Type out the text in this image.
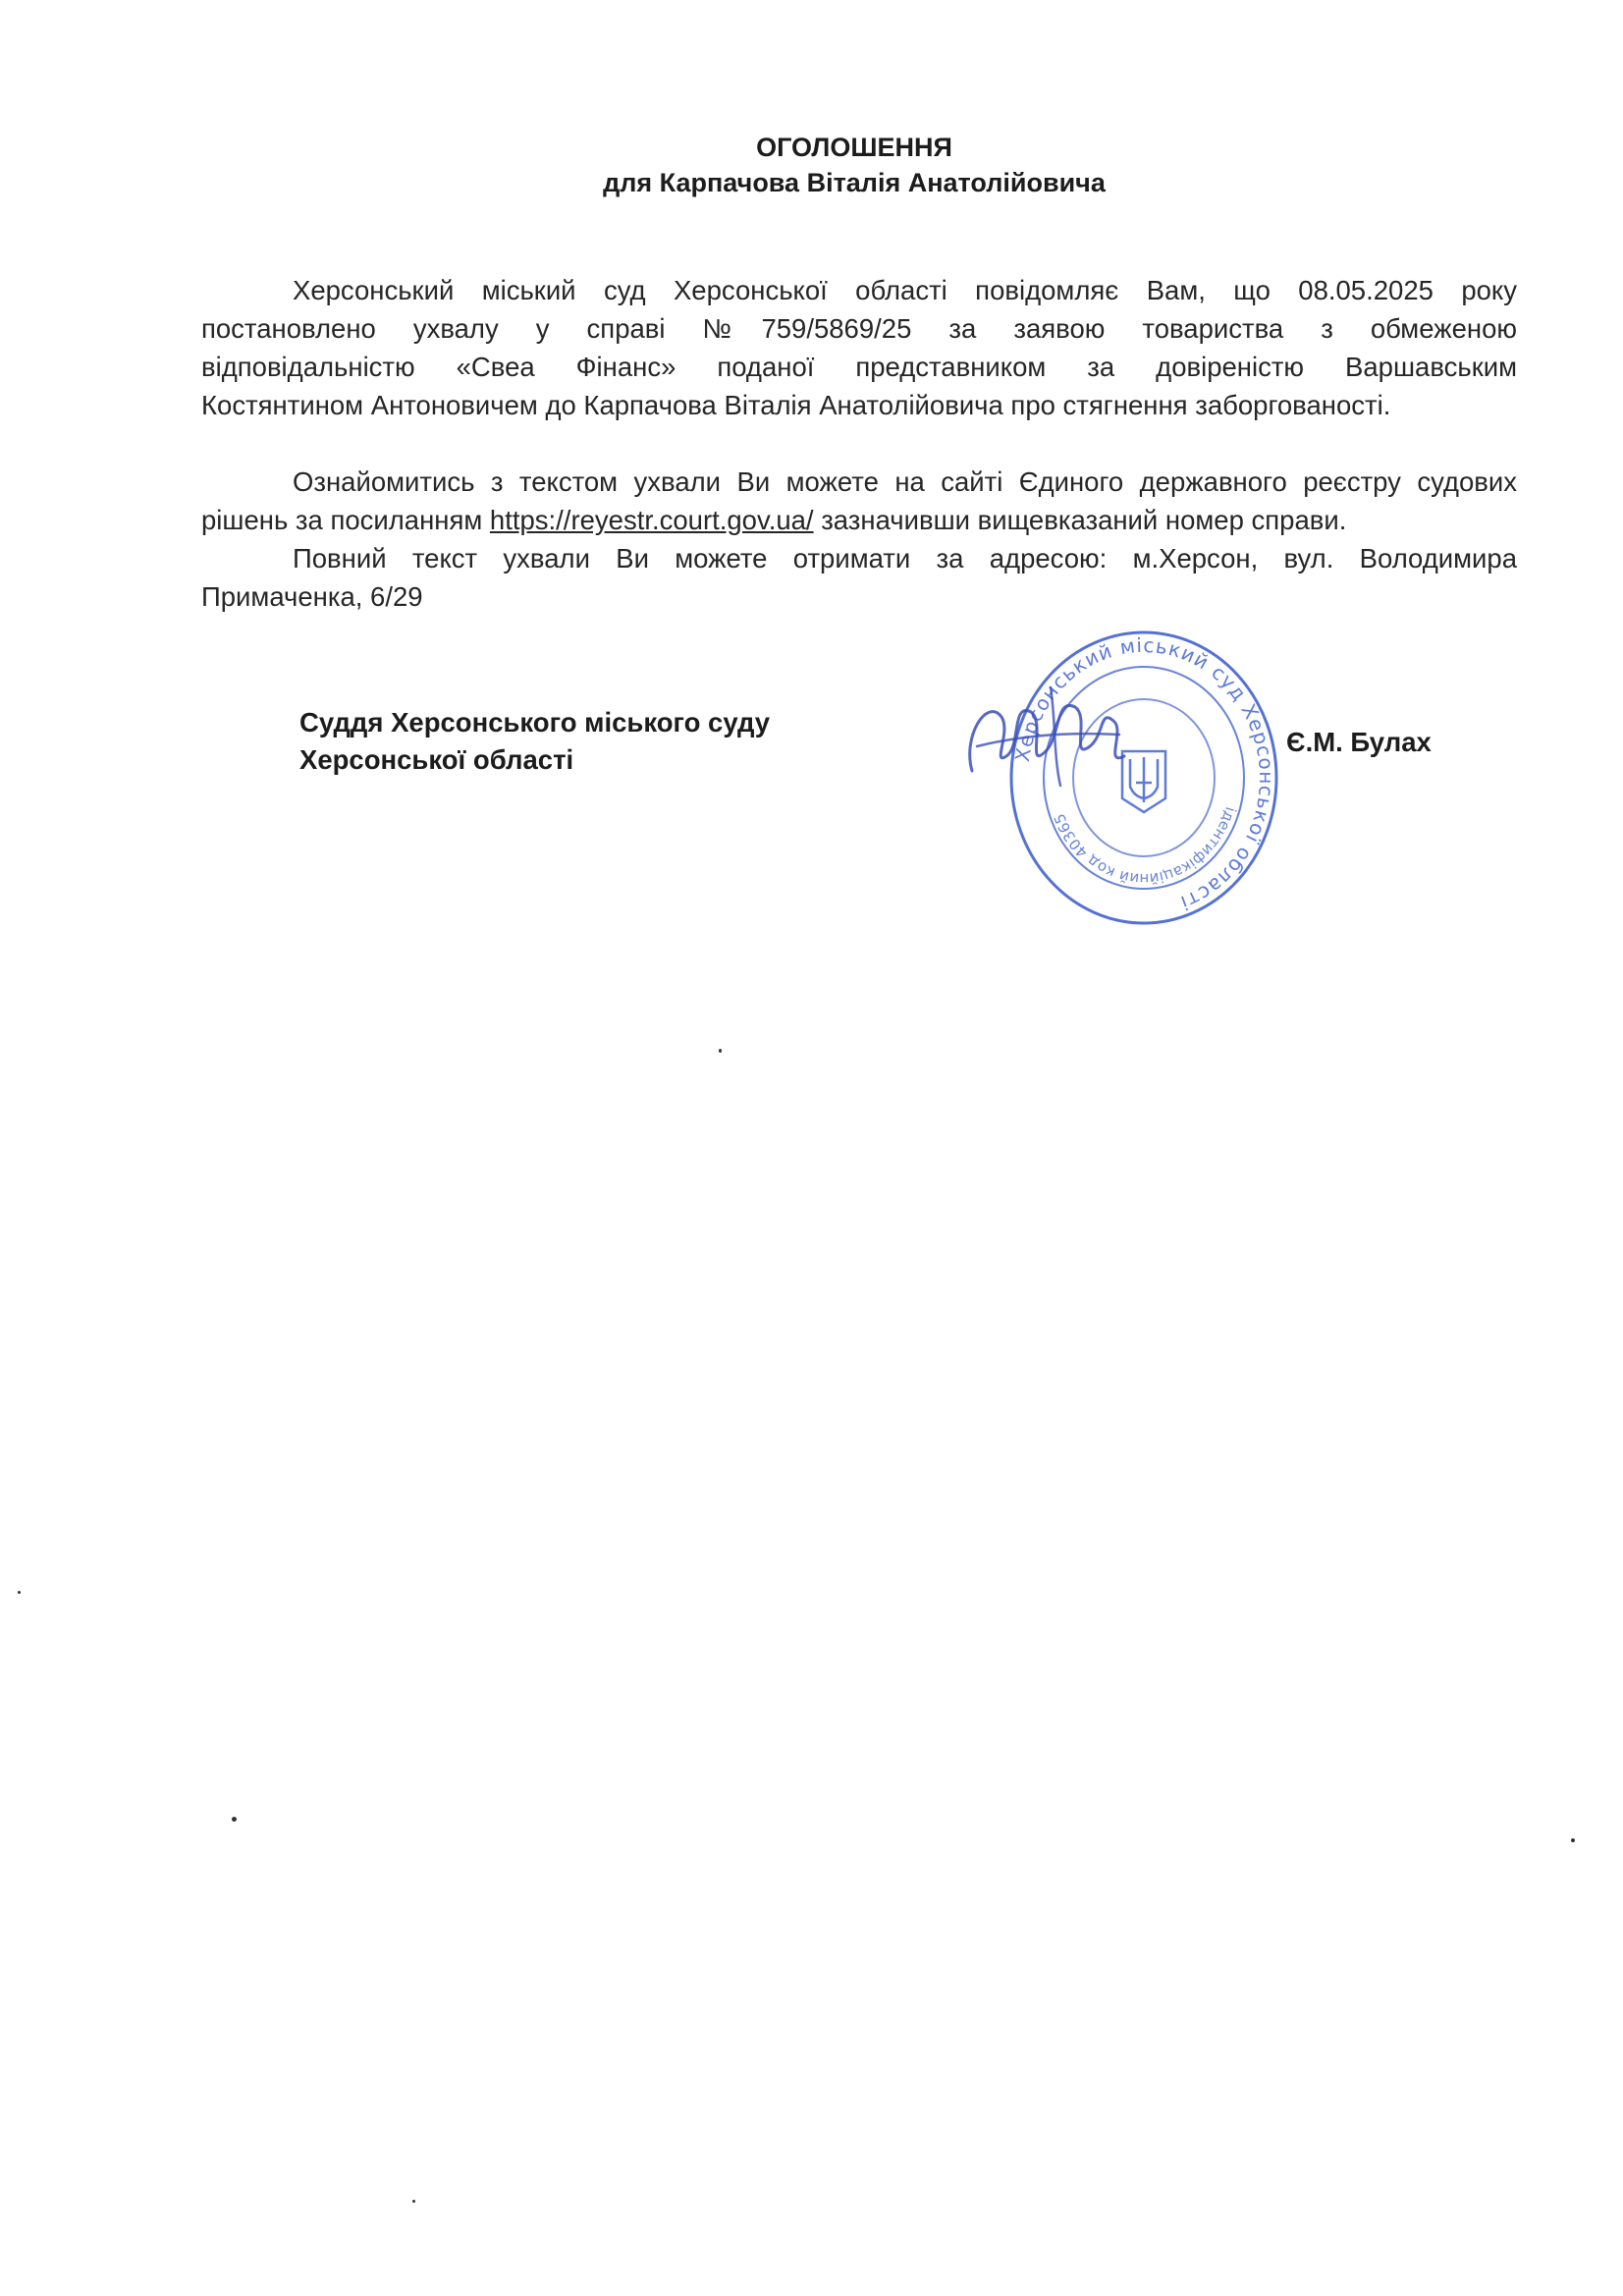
ОГОЛОШЕННЯ
для Карпачова Віталія Анатолійовича
Херсонський міський суд Херсонської області повідомляє Вам, що 08.05.2025 року
постановлено ухвалу у справі №759/5869/25 за заявою товариства з обмеженою
відповідальністю «Свеа Фінанс» поданої представником за довіреністю Варшавським
Костянтином Антоновичем до Карпачова Віталія Анатолійовича про стягнення заборгованості.
Ознайомитись з текстом ухвали Ви можете на сайті Єдиного державного реєстру судових
рішень за посиланням https://reyestr.court.gov.ua/ зазначивши вищевказаний номер справи.
Повний текст ухвали Ви можете отримати за адресою: м.Херсон, вул. Володимира
Примаченка, 6/29
Суддя Херсонського міського суду
Херсонської області
Є.М. Булах
Херсонський міський суд Херсонської області
ідентифікаційний код 40365
